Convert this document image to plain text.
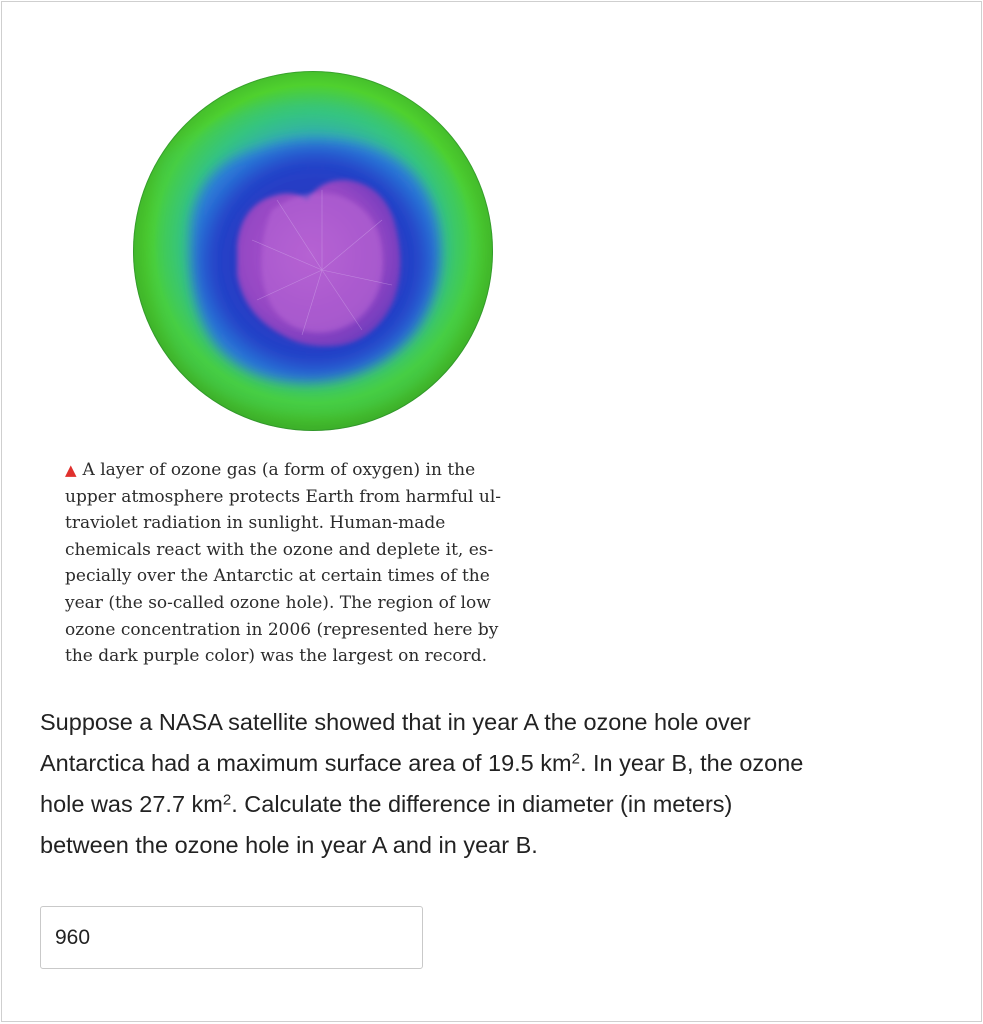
▲ A layer of ozone gas (a form of oxygen) in the
upper atmosphere protects Earth from harmful ul-
traviolet radiation in sunlight. Human-made
chemicals react with the ozone and deplete it, es-
pecially over the Antarctic at certain times of the
year (the so-called ozone hole). The region of low
ozone concentration in 2006 (represented here by
the dark purple color) was the largest on record.
Suppose a NASA satellite showed that in year A the ozone hole over
Antarctica had a maximum surface area of 19.5 $km^2$. In year B, the ozone
hole was 27.7 $km^2$. Calculate the difference in diameter (in meters)
between the ozone hole in year A and in year B.
960
